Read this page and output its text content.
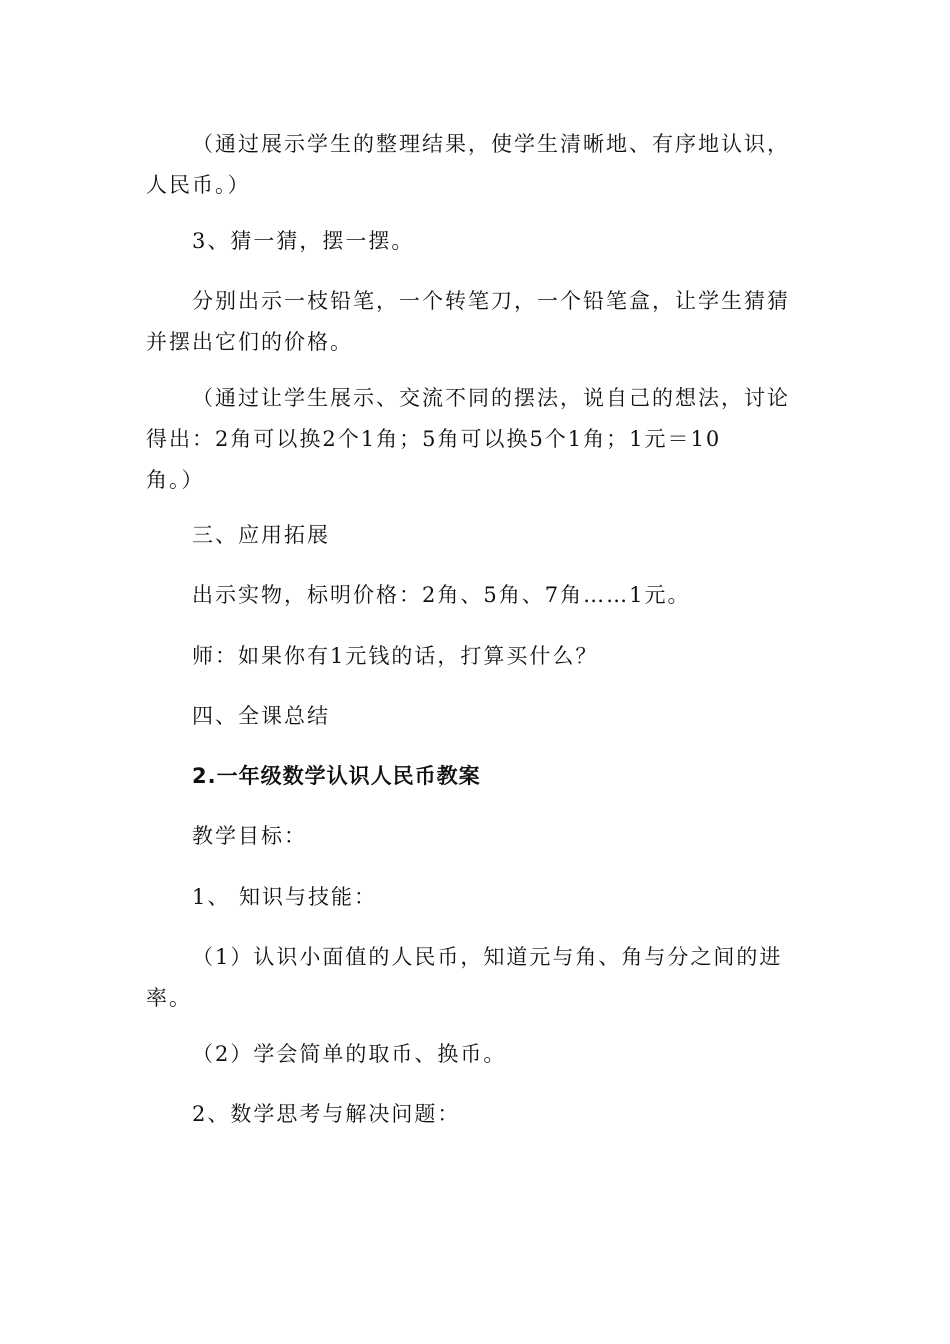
（通过展示学生的整理结果，使学生清晰地、有序地认识，
人民币。）

3、猜一猜，摆一摆。

分别出示一枝铅笔，一个转笔刀，一个铅笔盒，让学生猜猜
并摆出它们的价格。

（通过让学生展示、交流不同的摆法，说自己的想法，讨论
得出：2角可以换2个1角；5角可以换5个1角；1元＝10
角。）

三、应用拓展

出示实物，标明价格：2角、5角、7角……1元。

师：如果你有1元钱的话，打算买什么？

四、全课总结

2.一年级数学认识人民币教案

教学目标：

1、 知识与技能：

（1）认识小面值的人民币，知道元与角、角与分之间的进
率。

（2）学会简单的取币、换币。

2、数学思考与解决问题：
